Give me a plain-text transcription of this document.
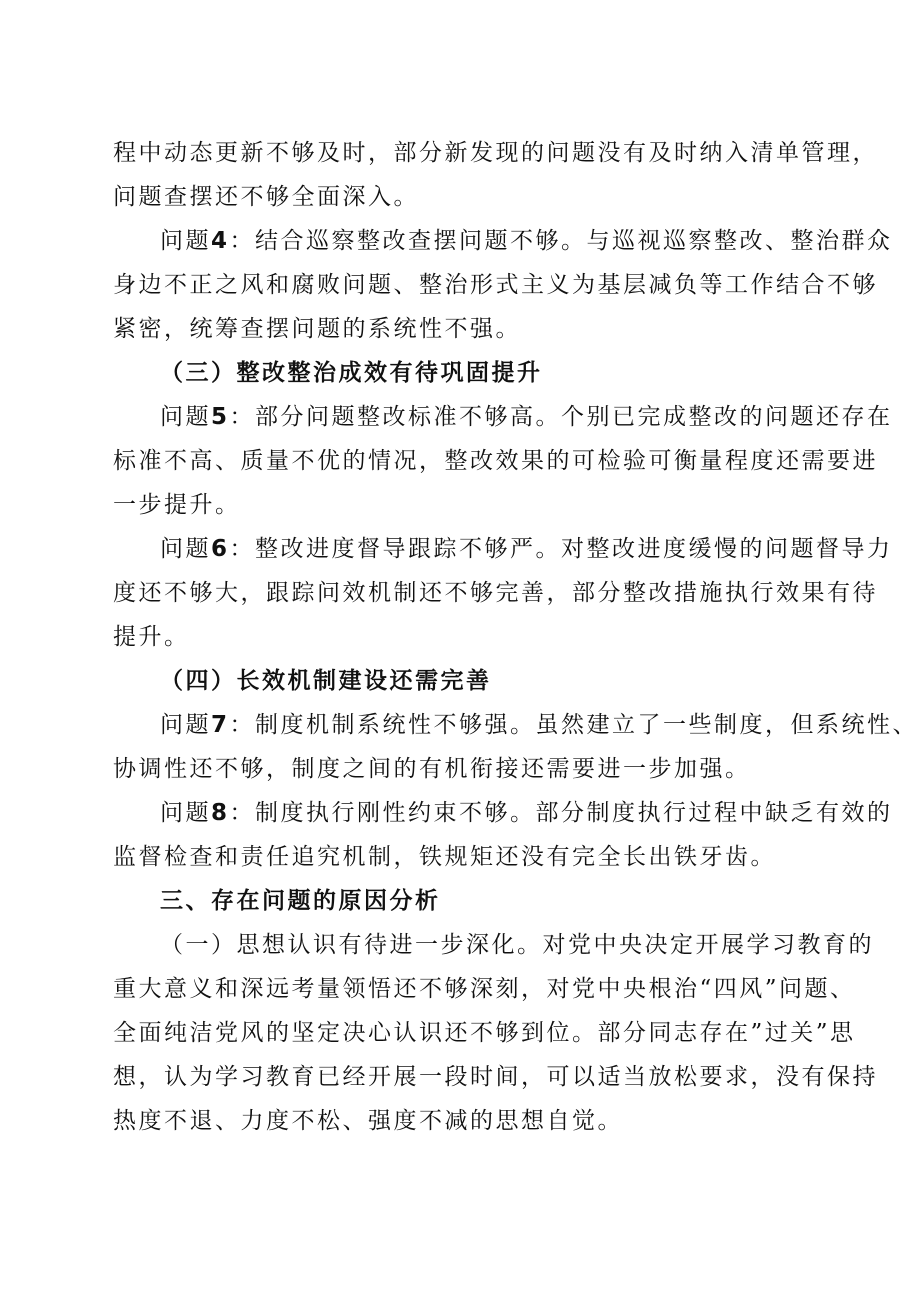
程中动态更新不够及时，部分新发现的问题没有及时纳入清单管理，
问题查摆还不够全面深入。
问题4：结合巡察整改查摆问题不够。与巡视巡察整改、整治群众
身边不正之风和腐败问题、整治形式主义为基层减负等工作结合不够
紧密，统筹查摆问题的系统性不强。
（三）整改整治成效有待巩固提升
问题5：部分问题整改标准不够高。个别已完成整改的问题还存在
标准不高、质量不优的情况，整改效果的可检验可衡量程度还需要进
一步提升。
问题6：整改进度督导跟踪不够严。对整改进度缓慢的问题督导力
度还不够大，跟踪问效机制还不够完善，部分整改措施执行效果有待
提升。
（四）长效机制建设还需完善
问题7：制度机制系统性不够强。虽然建立了一些制度，但系统性、
协调性还不够，制度之间的有机衔接还需要进一步加强。
问题8：制度执行刚性约束不够。部分制度执行过程中缺乏有效的
监督检查和责任追究机制，铁规矩还没有完全长出铁牙齿。
三、存在问题的原因分析
（一）思想认识有待进一步深化。对党中央决定开展学习教育的
重大意义和深远考量领悟还不够深刻，对党中央根治“四风”问题、
全面纯洁党风的坚定决心认识还不够到位。部分同志存在”过关”思
想，认为学习教育已经开展一段时间，可以适当放松要求，没有保持
热度不退、力度不松、强度不减的思想自觉。
